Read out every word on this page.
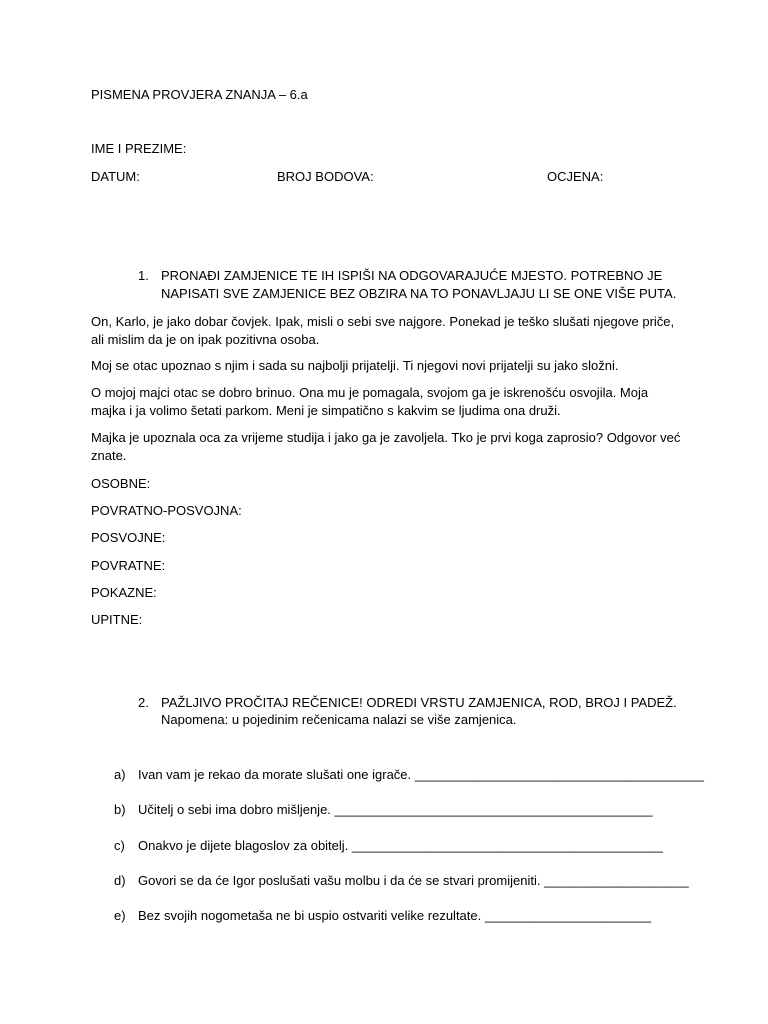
PISMENA PROVJERA ZNANJA – 6.a
IME I PREZIME:
DATUM:	BROJ BODOVA:	OCJENA:
1. PRONAĐI ZAMJENICE TE IH ISPIŠI NA ODGOVARAJUĆE MJESTO. POTREBNO JE NAPISATI SVE ZAMJENICE BEZ OBZIRA NA TO PONAVLJAJU LI SE ONE VIŠE PUTA.
On, Karlo, je jako dobar čovjek. Ipak, misli o sebi sve najgore. Ponekad je teško slušati njegove priče, ali mislim da je on ipak pozitivna osoba.
Moj se otac upoznao s njim i sada su najbolji prijatelji. Ti njegovi novi prijatelji su jako složni.
O mojoj majci otac se dobro brinuo. Ona mu je pomagala, svojom ga je iskrenošću osvojila. Moja majka i ja volimo šetati parkom. Meni je simpatično s kakvim se ljudima ona druži.
Majka je upoznala oca za vrijeme studija i jako ga je zavoljela. Tko je prvi koga zaprosio? Odgovor već znate.
OSOBNE:
POVRATNO-POSVOJNA:
POSVOJNE:
POVRATNE:
POKAZNE:
UPITNE:
2. PAŽLJIVO PROČITAJ REČENICE! ODREDI VRSTU ZAMJENICA, ROD, BROJ I PADEŽ.
Napomena: u pojedinim rečenicama nalazi se više zamjenica.
a) Ivan vam je rekao da morate slušati one igrače. ________________________________________
b) Učitelj o sebi ima dobro mišljenje. ____________________________________________
c) Onakvo je dijete blagoslov za obitelj. ___________________________________________
d) Govori se da će Igor poslušati vašu molbu i da će se stvari promijeniti. ____________________
e) Bez svojih nogometaša ne bi uspio ostvariti velike rezultate. _______________________
